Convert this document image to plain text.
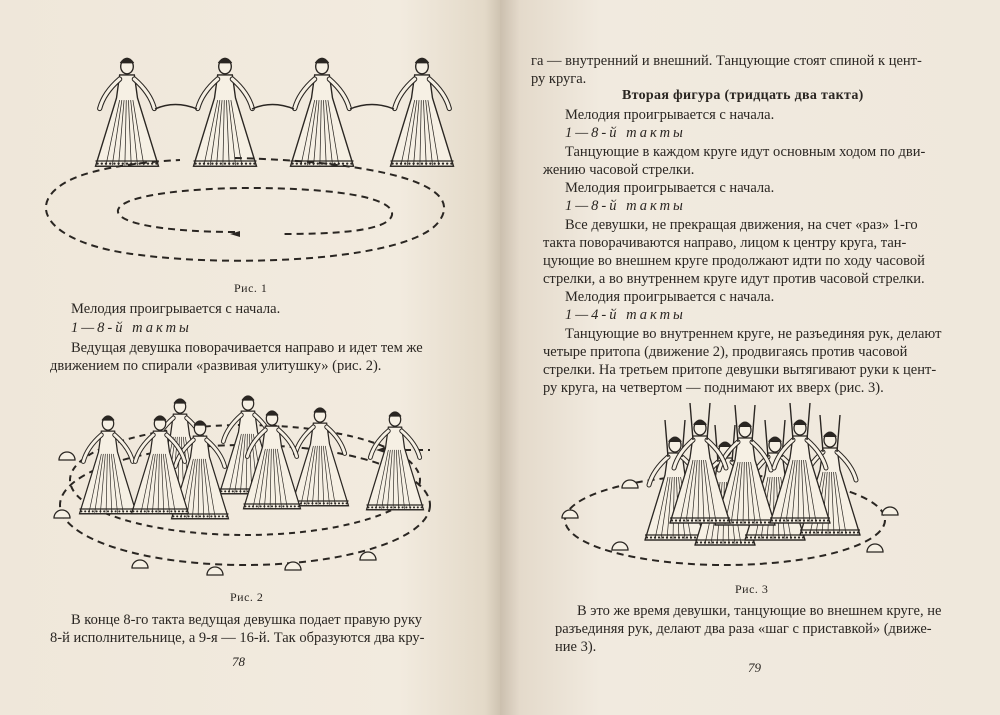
Рис. 1
Мелодия проигрывается с начала.
1—8-й такты
Ведущая девушка поворачивается направо и идет тем же
движением по спирали «развивая улитушку» (рис. 2).
Рис. 2
В конце 8-го такта ведущая девушка подает правую руку
8-й исполнительнице, а 9-я — 16-й. Так образуются два кру-
78
га — внутренний и внешний. Танцующие стоят спиной к цент-
ру круга.
Вторая фигура (тридцать два такта)
Мелодия проигрывается с начала.
1—8-й такты
Танцующие в каждом круге идут основным ходом по дви-
жению часовой стрелки.
Мелодия проигрывается с начала.
1—8-й такты
Все девушки, не прекращая движения, на счет «раз» 1-го
такта поворачиваются направо, лицом к центру круга, тан-
цующие во внешнем круге продолжают идти по ходу часовой
стрелки, а во внутреннем круге идут против часовой стрелки.
Мелодия проигрывается с начала.
1—4-й такты
Танцующие во внутреннем круге, не разъединяя рук, делают
четыре притопа (движение 2), продвигаясь против часовой
стрелки. На третьем притопе девушки вытягивают руки к цент-
ру круга, на четвертом — поднимают их вверх (рис. 3).
Рис. 3
В это же время девушки, танцующие во внешнем круге, не
разъединяя рук, делают два раза «шаг с приставкой» (движе-
ние 3).
79
